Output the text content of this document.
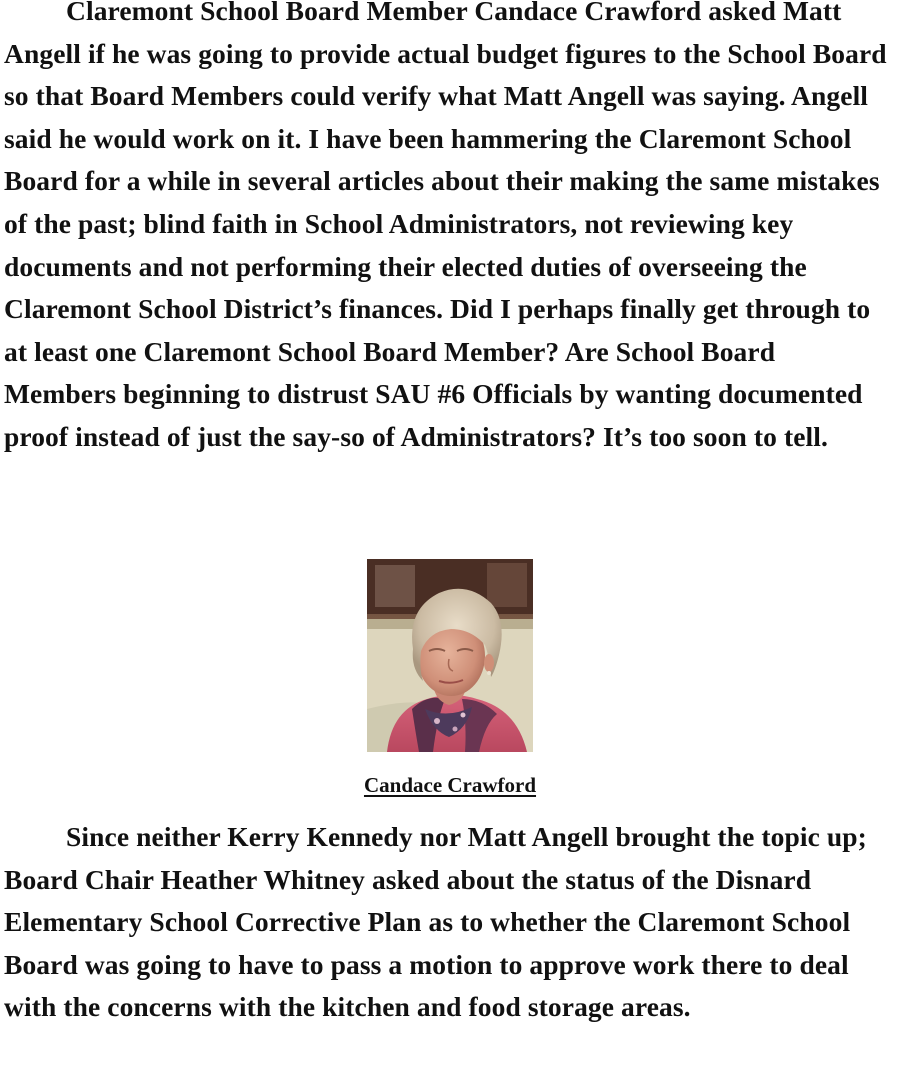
Claremont School Board Member Candace Crawford asked Matt Angell if he was going to provide actual budget figures to the School Board so that Board Members could verify what Matt Angell was saying. Angell said he would work on it. I have been hammering the Claremont School Board for a while in several articles about their making the same mistakes of the past; blind faith in School Administrators, not reviewing key documents and not performing their elected duties of overseeing the Claremont School District’s finances. Did I perhaps finally get through to at least one Claremont School Board Member? Are School Board Members beginning to distrust SAU #6 Officials by wanting documented proof instead of just the say-so of Administrators? It’s too soon to tell.

Candace Crawford

Since neither Kerry Kennedy nor Matt Angell brought the topic up; Board Chair Heather Whitney asked about the status of the Disnard Elementary School Corrective Plan as to whether the Claremont School Board was going to have to pass a motion to approve work there to deal with the concerns with the kitchen and food storage areas.
